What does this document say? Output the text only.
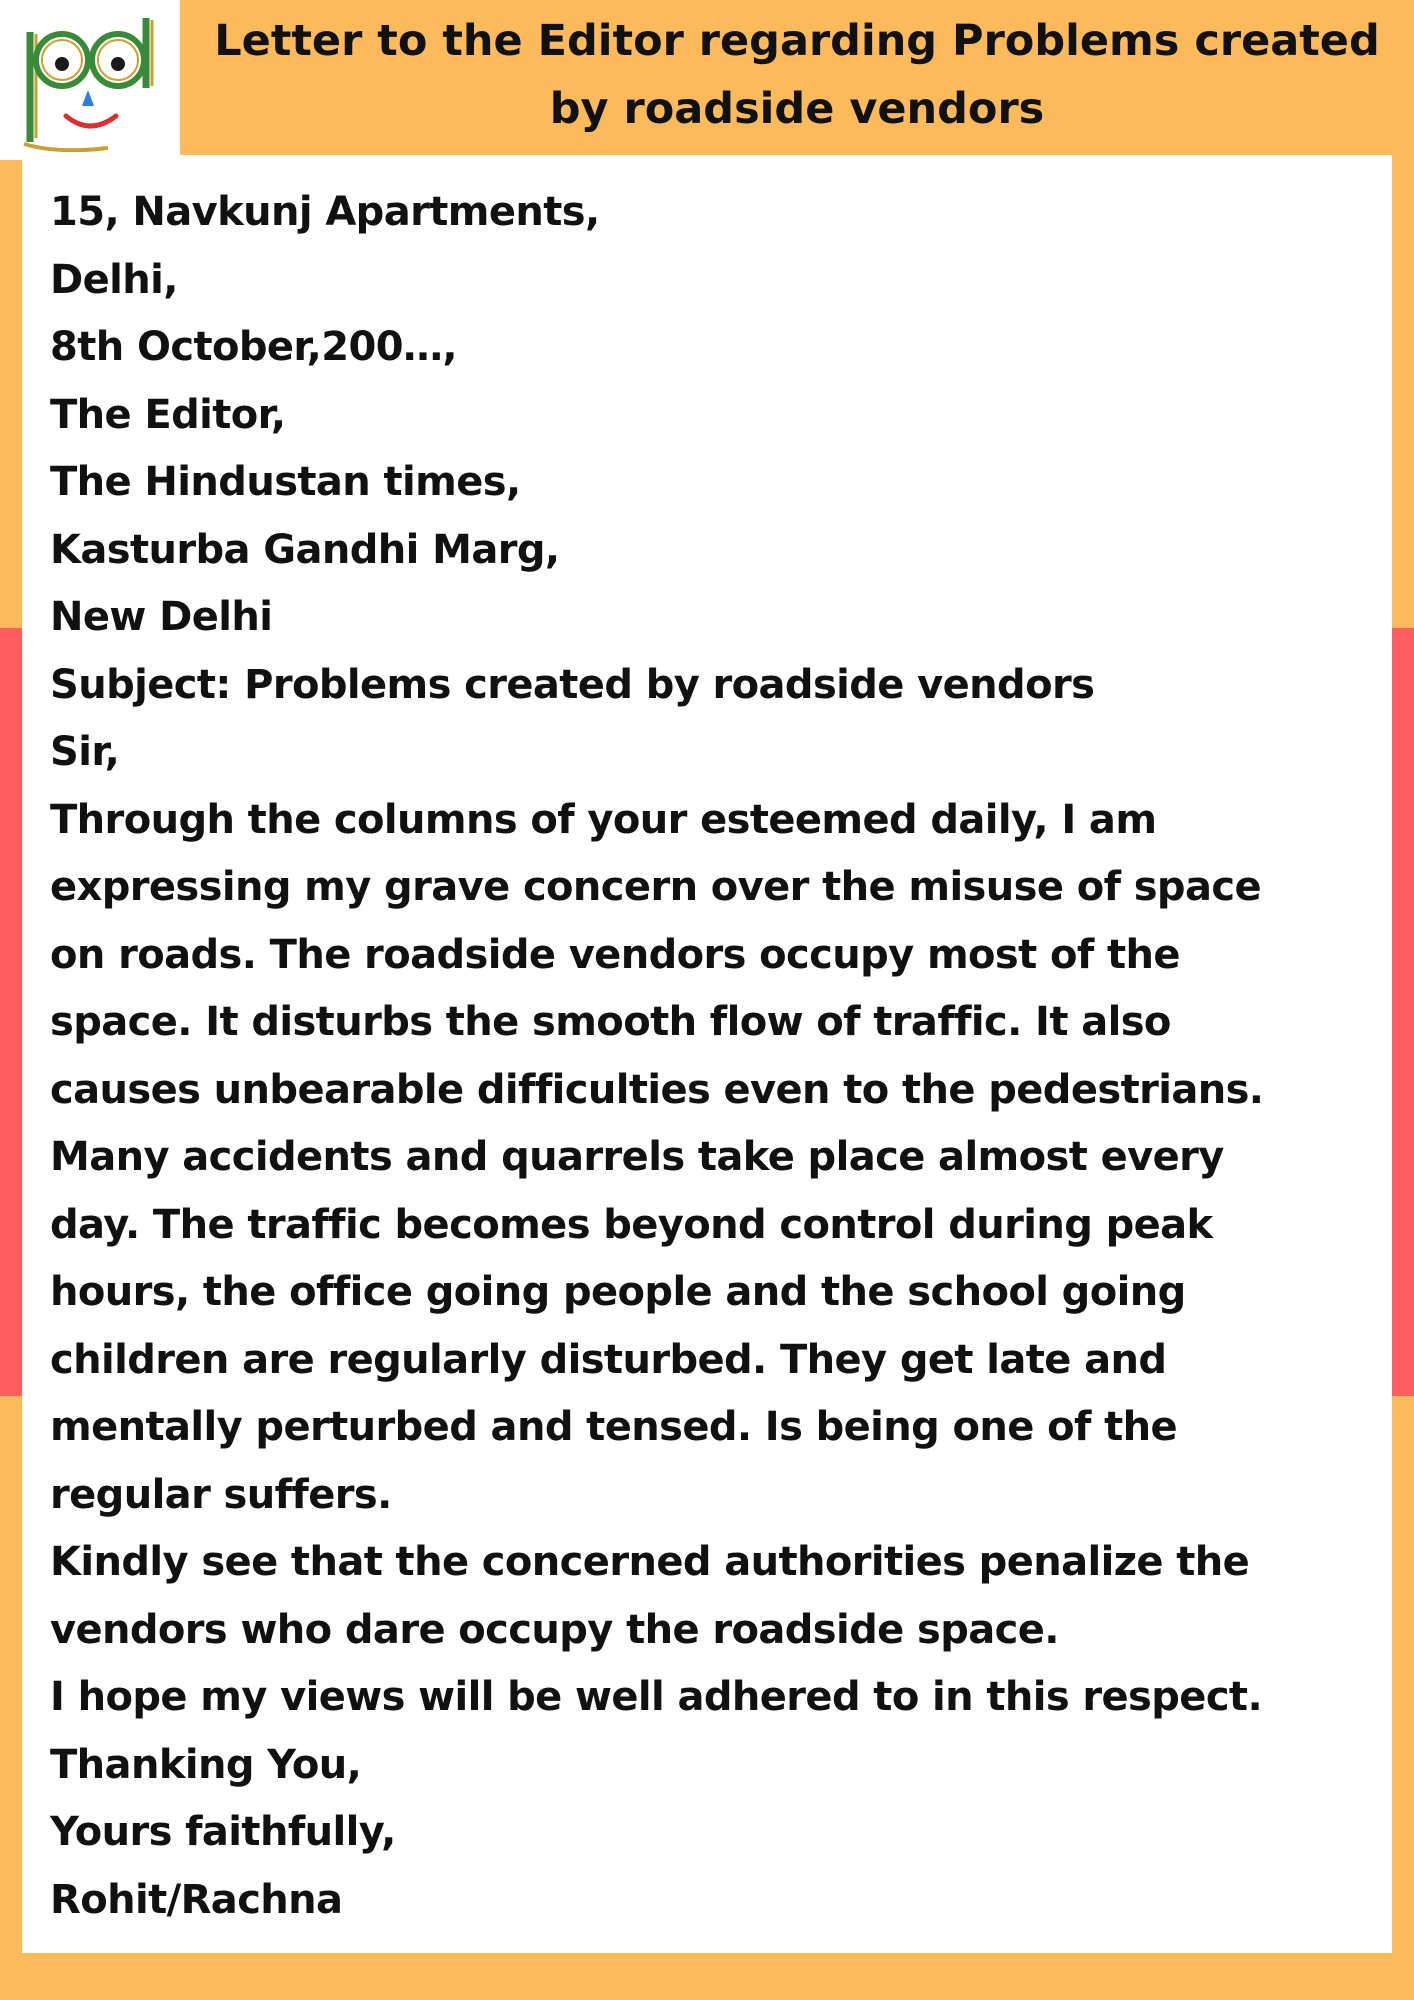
Letter to the Editor regarding Problems created
by roadside vendors
15, Navkunj Apartments,
Delhi,
8th October,200…,
The Editor,
The Hindustan times,
Kasturba Gandhi Marg,
New Delhi
Subject: Problems created by roadside vendors
Sir,
Through the columns of your esteemed daily, I am
expressing my grave concern over the misuse of space
on roads. The roadside vendors occupy most of the
space. It disturbs the smooth flow of traffic. It also
causes unbearable difficulties even to the pedestrians.
Many accidents and quarrels take place almost every
day. The traffic becomes beyond control during peak
hours, the office going people and the school going
children are regularly disturbed. They get late and
mentally perturbed and tensed. Is being one of the
regular suffers.
Kindly see that the concerned authorities penalize the
vendors who dare occupy the roadside space.
I hope my views will be well adhered to in this respect.
Thanking You,
Yours faithfully,
Rohit/Rachna
